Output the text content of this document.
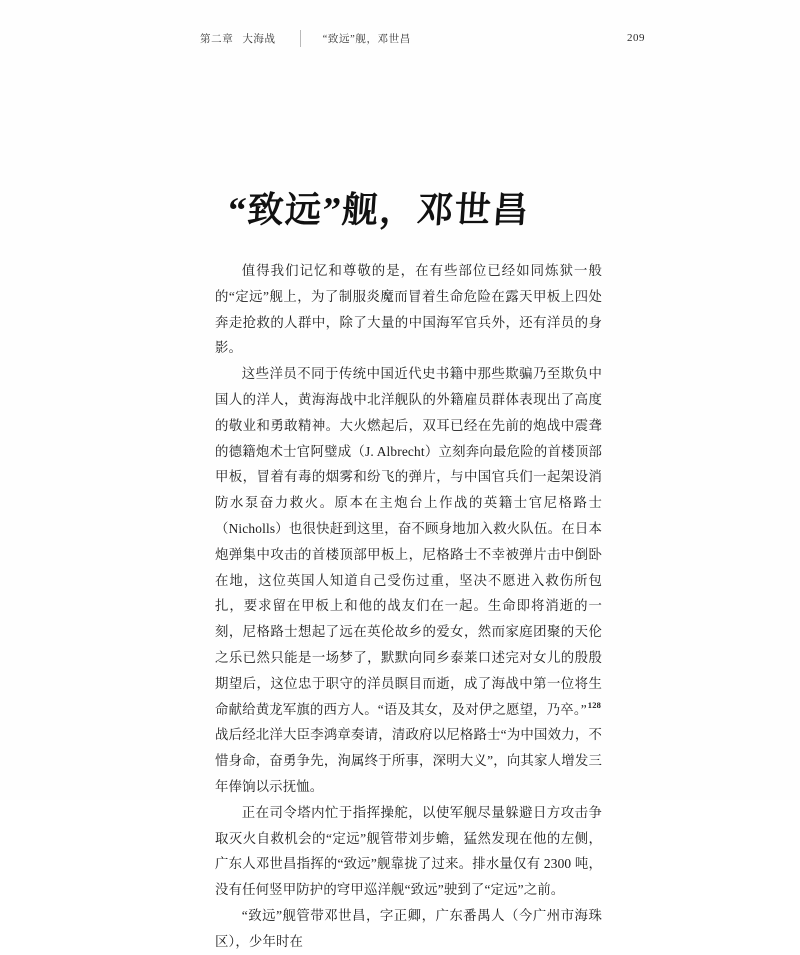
第二章 大海战	“致远”舰，邓世昌	209
“致远”舰，邓世昌

值得我们记忆和尊敬的是，在有些部位已经如同炼狱一般的“定远”舰上，为了制服炎魔而冒着生命危险在露天甲板上四处奔走抢救的人群中，除了大量的中国海军官兵外，还有洋员的身影。

这些洋员不同于传统中国近代史书籍中那些欺骗乃至欺负中国人的洋人，黄海海战中北洋舰队的外籍雇员群体表现出了高度的敬业和勇敢精神。大火燃起后，双耳已经在先前的炮战中震聋的德籍炮术士官阿璧成（J. Albrecht）立刻奔向最危险的首楼顶部甲板，冒着有毒的烟雾和纷飞的弹片，与中国官兵们一起架设消防水泵奋力救火。原本在主炮台上作战的英籍士官尼格路士（Nicholls）也很快赶到这里，奋不顾身地加入救火队伍。在日本炮弹集中攻击的首楼顶部甲板上，尼格路士不幸被弹片击中倒卧在地，这位英国人知道自己受伤过重，坚决不愿进入救伤所包扎，要求留在甲板上和他的战友们在一起。生命即将消逝的一刻，尼格路士想起了远在英伦故乡的爱女，然而家庭团聚的天伦之乐已然只能是一场梦了，默默向同乡泰莱口述完对女儿的殷殷期望后，这位忠于职守的洋员瞑目而逝，成了海战中第一位将生命献给黄龙军旗的西方人。“语及其女，及对伊之愿望，乃卒。”$^{128}$战后经北洋大臣李鸿章奏请，清政府以尼格路士“为中国效力，不惜身命，奋勇争先，洵属终于所事，深明大义”，向其家人增发三年俸饷以示抚恤。

正在司令塔内忙于指挥操舵，以使军舰尽量躲避日方攻击争取灭火自救机会的“定远”舰管带刘步蟾，猛然发现在他的左侧，广东人邓世昌指挥的“致远”舰靠拢了过来。排水量仅有 2300 吨，没有任何竖甲防护的穹甲巡洋舰“致远”驶到了“定远”之前。

“致远”舰管带邓世昌，字正卿，广东番禺人（今广州市海珠区），少年时在
